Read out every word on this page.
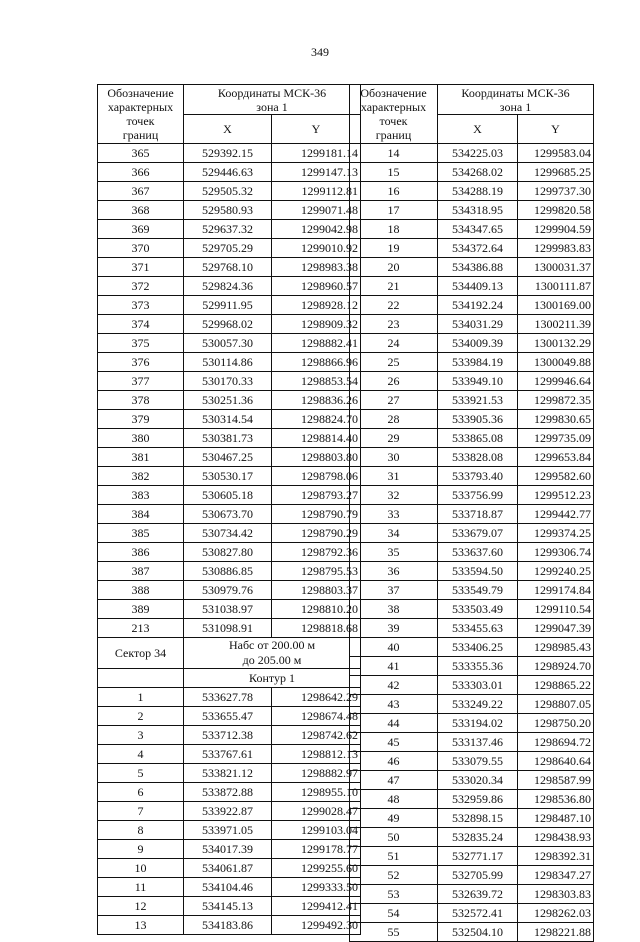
349
Обозначение
характерных
точек
границ	Координаты МСК-36
зона 1	
	X	Y
365	529392.15	1299181.14
366	529446.63	1299147.13
367	529505.32	1299112.81
368	529580.93	1299071.48
369	529637.32	1299042.98
370	529705.29	1299010.92
371	529768.10	1298983.38
372	529824.36	1298960.57
373	529911.95	1298928.12
374	529968.02	1298909.32
375	530057.30	1298882.41
376	530114.86	1298866.96
377	530170.33	1298853.54
378	530251.36	1298836.26
379	530314.54	1298824.70
380	530381.73	1298814.40
381	530467.25	1298803.80
382	530530.17	1298798.06
383	530605.18	1298793.27
384	530673.70	1298790.79
385	530734.42	1298790.29
386	530827.80	1298792.36
387	530886.85	1298795.53
388	530979.76	1298803.37
389	531038.97	1298810.20
213	531098.91	1298818.68
Сектор 34	Набс от 200.00 м
до 205.00 м	
	Контур 1	
1	533627.78	1298642.29
2	533655.47	1298674.48
3	533712.38	1298742.62
4	533767.61	1298812.13
5	533821.12	1298882.97
6	533872.88	1298955.10
7	533922.87	1299028.47
8	533971.05	1299103.04
9	534017.39	1299178.77
10	534061.87	1299255.60
11	534104.46	1299333.50
12	534145.13	1299412.41
13	534183.86	1299492.30
Обозначение
характерных
точек
границ	Координаты МСК-36
зона 1	
	X	Y
14	534225.03	1299583.04
15	534268.02	1299685.25
16	534288.19	1299737.30
17	534318.95	1299820.58
18	534347.65	1299904.59
19	534372.64	1299983.83
20	534386.88	1300031.37
21	534409.13	1300111.87
22	534192.24	1300169.00
23	534031.29	1300211.39
24	534009.39	1300132.29
25	533984.19	1300049.88
26	533949.10	1299946.64
27	533921.53	1299872.35
28	533905.36	1299830.65
29	533865.08	1299735.09
30	533828.08	1299653.84
31	533793.40	1299582.60
32	533756.99	1299512.23
33	533718.87	1299442.77
34	533679.07	1299374.25
35	533637.60	1299306.74
36	533594.50	1299240.25
37	533549.79	1299174.84
38	533503.49	1299110.54
39	533455.63	1299047.39
40	533406.25	1298985.43
41	533355.36	1298924.70
42	533303.01	1298865.22
43	533249.22	1298807.05
44	533194.02	1298750.20
45	533137.46	1298694.72
46	533079.55	1298640.64
47	533020.34	1298587.99
48	532959.86	1298536.80
49	532898.15	1298487.10
50	532835.24	1298438.93
51	532771.17	1298392.31
52	532705.99	1298347.27
53	532639.72	1298303.83
54	532572.41	1298262.03
55	532504.10	1298221.88
